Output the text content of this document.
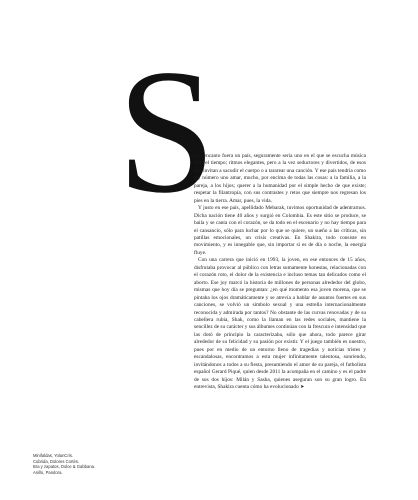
S

i su encanto fuera un país, seguramente sería uno en el que se escucha música todo el tiempo; ritmos elegantes, pero a la vez seductores y divertidos, de esos que invitan a sacudir el cuerpo o a tararear una canción. Y ese país tendría como ley número uno amar, mucho, por encima de todas las cosas: a la familia, a la pareja, a los hijos; querer a la humanidad por el simple hecho de que existe; respetar la filantropía, con sus contrastes y retos que siempre nos regresan los pies en la tierra. Amar, pues, la vida.

Y justo en ese país, apellidado Mebarak, tuvimos oportunidad de adentrarnos. Dicha nación tiene 40 años y surgió en Colombia. Es este sitio se produce, se baila y se canta con el corazón, se da todo en el escenario y no hay tiempo para el cansancio, sólo para luchar por lo que se quiere, un sueño a las críticas, sin patillas emocionales, un crisis creativas. En Shakira, todo consiste en movimiento, y es innegable que, sin importar si es de día o noche, la energía fluye.

Con una carrera que inició en 1993, la joven, en ese entonces de 15 años, disfrutaba provocar al público con letras sumamente honestas, relacionadas con el corazón roto, el dolor de la existencia e incluso temas tan delicados como el aborto. Ese joy marcó la historia de millones de personas alrededor del globo, mismas que hoy día se preguntan: ¿en qué momento esa joven morena, que se pintaba los ojos dramáticamente y se atrevía a hablar de asuntos fuertes en sus canciones, se volvió un símbolo sexual y una estrella internacionalmente reconocida y admirada por tantos? No obstante de las curvas renovadas y de su cabellera rubia, Shak, como la llaman en las redes sociales, mantiene la sencillez de su carácter y sus álbumes continúan con la frescura e intensidad que las dotó de principio la caracterizaba, sólo que ahora, todo parece girar alrededor de su felicidad y su pasión por existir. Y el juego también es nuestro, pues por en medio de un entorno lleno de tragedias y noticias tristes y escandalosas, encontramos a esta mujer infinitamente talentosa, sonriendo, invitándonos a todos a su fiesta, presumiendo el amor de su pareja, el futbolista español Gerard Piqué, quien desde 2011 la acompaña en el camino y es el padre de sus dos hijos: Milán y Sasha, quienes aseguran son su gran logro. En entrevista, Shakira cuenta cómo ha evolucionado ➤

Minifaldas, YolanCris.
Cubrida, Dolores Cortés.
Bra y zapatos, Dolce & Gabbana.
Anillo, Pandora.
